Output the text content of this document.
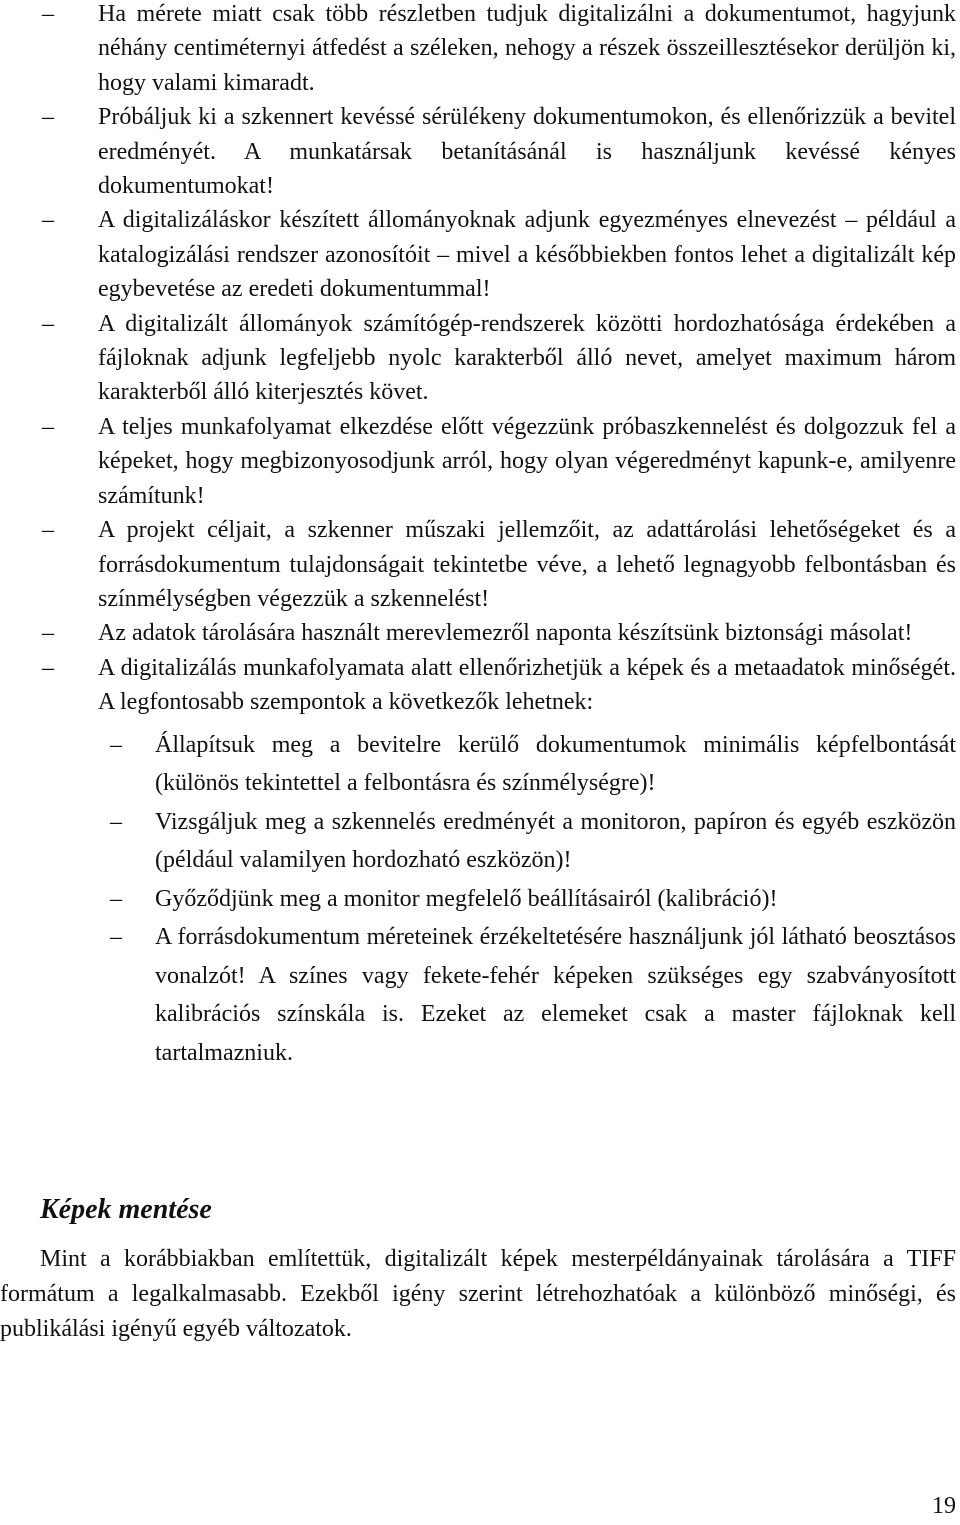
– Ha mérete miatt csak több részletben tudjuk digitalizálni a dokumentumot, hagyjunk néhány centiméternyi átfedést a széleken, nehogy a részek összeillesztésekor derüljön ki, hogy valami kimaradt.
– Próbáljuk ki a szkennert kevéssé sérülékeny dokumentumokon, és ellenőrizzük a bevitel eredményét. A munkatársak betanításánál is használjunk kevéssé kényes dokumentumokat!
– A digitalizáláskor készített állományoknak adjunk egyezményes elnevezést – például a katalogizálási rendszer azonosítóit – mivel a későbbiekben fontos lehet a digitalizált kép egybevetése az eredeti dokumentummal!
– A digitalizált állományok számítógép-rendszerek közötti hordozhatósága érdekében a fájloknak adjunk legfeljebb nyolc karakterből álló nevet, amelyet maximum három karakterből álló kiterjesztés követ.
– A teljes munkafolyamat elkezdése előtt végezzünk próbaszkennelést és dolgozzuk fel a képeket, hogy megbizonyosodjunk arról, hogy olyan végeredményt kapunk-e, amilyenre számítunk!
– A projekt céljait, a szkenner műszaki jellemzőit, az adattárolási lehetőségeket és a forrásdokumentum tulajdonságait tekintetbe véve, a lehető legnagyobb felbontásban és színmélységben végezzük a szkennelést!
– Az adatok tárolására használt merevlemezről naponta készítsünk biztonsági másolat!
– A digitalizálás munkafolyamata alatt ellenőrizhetjük a képek és a metaadatok minőségét. A legfontosabb szempontok a következők lehetnek:
–	Állapítsuk meg a bevitelre kerülő dokumentumok minimális képfelbontását (különös tekintettel a felbontásra és színmélységre)!
–	Vizsgáljuk meg a szkennelés eredményét a monitoron, papíron és egyéb eszközön (például valamilyen hordozható eszközön)!
–	Győződjünk meg a monitor megfelelő beállításairól (kalibráció)!
–	A forrásdokumentum méreteinek érzékeltetésére használjunk jól látható beosztásos vonalzót! A színes vagy fekete-fehér képeken szükséges egy szabványosított kalibrációs színskála is. Ezeket az elemeket csak a master fájloknak kell tartalmazniuk.
Képek mentése

Mint a korábbiakban említettük, digitalizált képek mesterpéldányainak tárolására a TIFF formátum a legalkalmasabb. Ezekből igény szerint létrehozhatóak a különböző minőségi, és publikálási igényű egyéb változatok.

19
